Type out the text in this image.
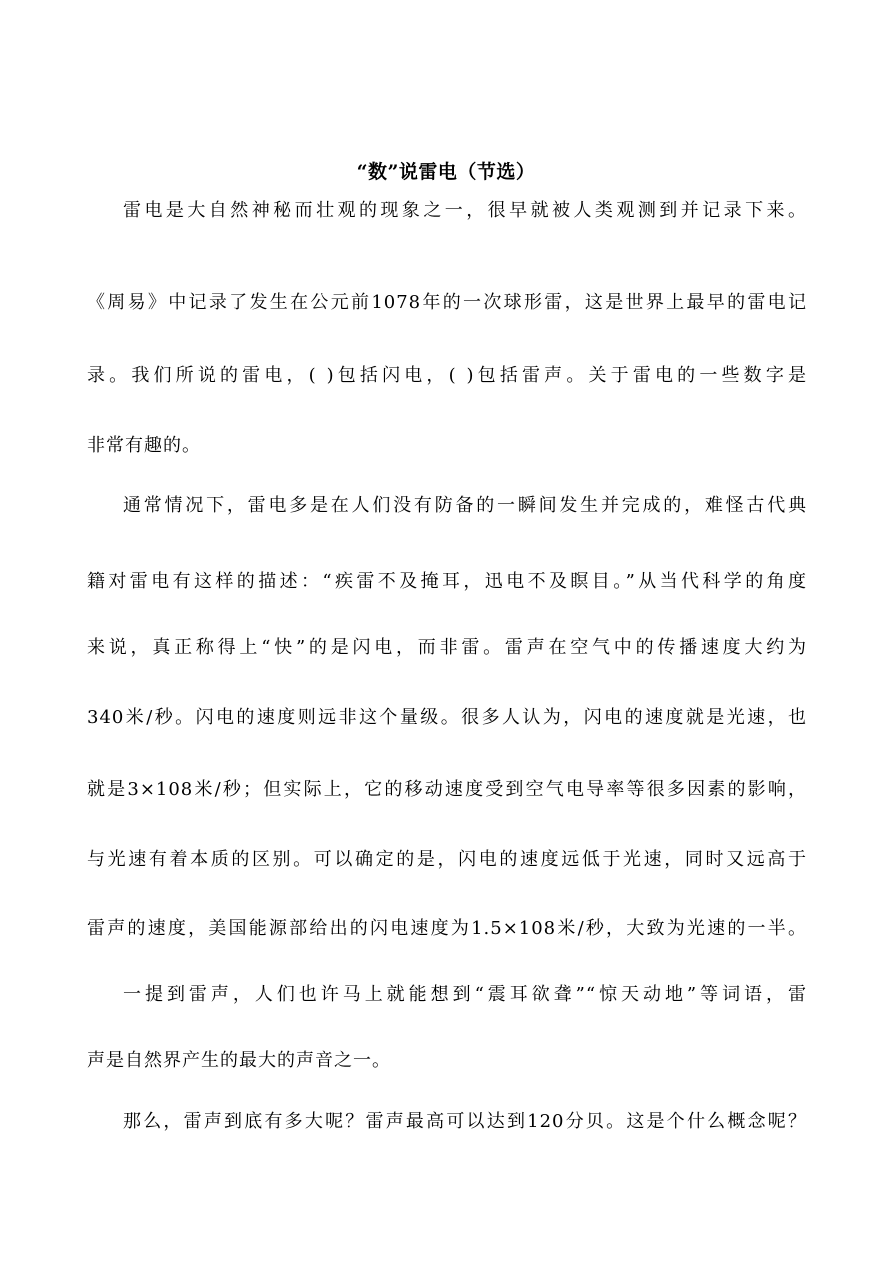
“数”说雷电（节选）
雷电是大自然神秘而壮观的现象之一，很早就被人类观测到并记录下来。
《周易》中记录了发生在公元前1078年的一次球形雷，这是世界上最早的雷电记
录。我们所说的雷电，( )包括闪电，( )包括雷声。关于雷电的一些数字是
非常有趣的。
通常情况下，雷电多是在人们没有防备的一瞬间发生并完成的，难怪古代典
籍对雷电有这样的描述：“疾雷不及掩耳，迅电不及瞑目。”从当代科学的角度
来说，真正称得上“快”的是闪电，而非雷。雷声在空气中的传播速度大约为
340米/秒。闪电的速度则远非这个量级。很多人认为，闪电的速度就是光速，也
就是3×108米/秒；但实际上，它的移动速度受到空气电导率等很多因素的影响，
与光速有着本质的区别。可以确定的是，闪电的速度远低于光速，同时又远高于
雷声的速度，美国能源部给出的闪电速度为1.5×108米/秒，大致为光速的一半。
一提到雷声，人们也许马上就能想到“震耳欲聋”“惊天动地”等词语，雷
声是自然界产生的最大的声音之一。
那么，雷声到底有多大呢？雷声最高可以达到120分贝。这是个什么概念呢？
